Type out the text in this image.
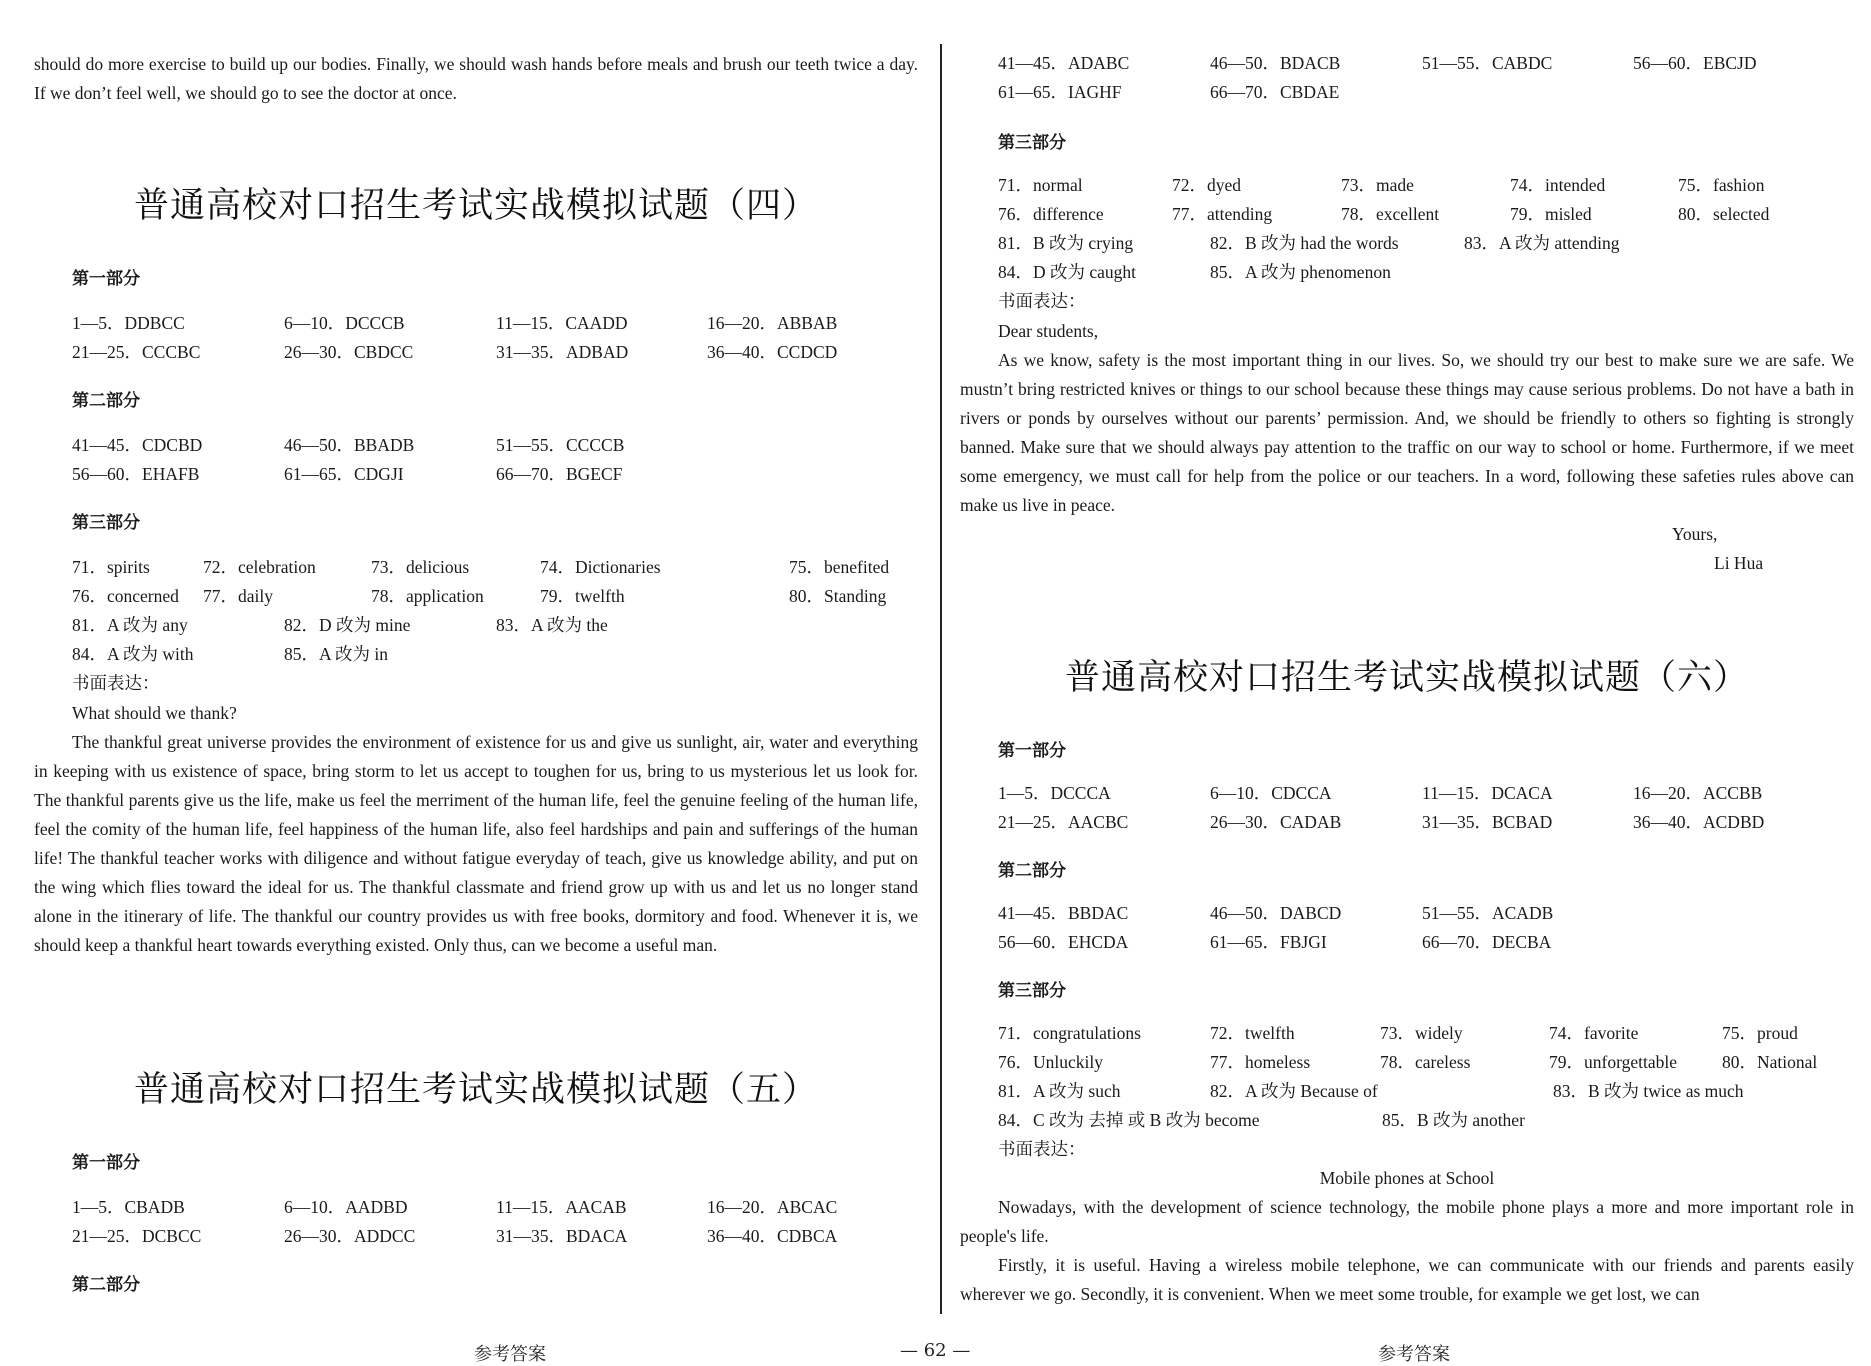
should do more exercise to build up our bodies. Finally, we should wash hands before meals and brush our teeth twice a day. If we don’t feel well, we should go to see the doctor at once.
普通高校对口招生考试实战模拟试题（四）
第一部分
1—5．DDBCC	6—10．DCCCB	11—15．CAADD	16—20．ABBAB
21—25．CCCBC	26—30．CBDCC	31—35．ADBAD	36—40．CCDCD
第二部分
41—45．CDCBD	46—50．BBADB	51—55．CCCCB
56—60．EHAFB	61—65．CDGJI	66—70．BGECF
第三部分
71．spirits	72．celebration	73．delicious	74．Dictionaries	75．benefited
76．concerned 77．daily	78．application	79．twelfth	80．Standing
81．A 改为 any	82．D 改为 mine	83．A 改为 the
84．A 改为 with	85．A 改为 in
书面表达：
What should we thank?
The thankful great universe provides the environment of existence for us and give us sunlight, air, water and everything in keeping with us existence of space, bring storm to let us accept to toughen for us, bring to us mysterious let us look for. The thankful parents give us the life, make us feel the merriment of the human life, feel the genuine feeling of the human life, feel the comity of the human life, feel happiness of the human life, also feel hardships and pain and sufferings of the human life! The thankful teacher works with diligence and without fatigue everyday of teach, give us knowledge ability, and put on the wing which flies toward the ideal for us. The thankful classmate and friend grow up with us and let us no longer stand alone in the itinerary of life. The thankful our country provides us with free books, dormitory and food. Whenever it is, we should keep a thankful heart towards everything existed. Only thus, can we become a useful man.
普通高校对口招生考试实战模拟试题（五）
第一部分
1—5．CBADB	6—10．AADBD	11—15．AACAB	16—20．ABCAC
21—25．DCBCC	26—30．ADDCC	31—35．BDACA	36—40．CDBCA
第二部分
41—45．ADABC	46—50．BDACB	51—55．CABDC	56—60．EBCJD
61—65．IAGHF	66—70．CBDAE
第三部分
71．normal	72．dyed	73．made	74．intended	75．fashion
76．difference	77．attending	78．excellent	79．misled	80．selected
81．B 改为 crying	82．B 改为 had the words	83．A 改为 attending
84．D 改为 caught	85．A 改为 phenomenon
书面表达：
Dear students,
As we know, safety is the most important thing in our lives. So, we should try our best to make sure we are safe. We mustn’t bring restricted knives or things to our school because these things may cause serious problems. Do not have a bath in rivers or ponds by ourselves without our parents’ permission. And, we should be friendly to others so fighting is strongly banned. Make sure that we should always pay attention to the traffic on our way to school or home. Furthermore, if we meet some emergency, we must call for help from the police or our teachers. In a word, following these safeties rules above can make us live in peace.
Yours,
Li Hua
普通高校对口招生考试实战模拟试题（六）
第一部分
1—5．DCCCA	6—10．CDCCA	11—15．DCACA	16—20．ACCBB
21—25．AACBC	26—30．CADAB	31—35．BCBAD	36—40．ACDBD
第二部分
41—45．BBDAC	46—50．DABCD	51—55．ACADB
56—60．EHCDA	61—65．FBJGI	66—70．DECBA
第三部分
71．congratulations	72．twelfth	73．widely	74．favorite	75．proud
76．Unluckily	77．homeless	78．careless	79．unforgettable	80．National
81．A 改为 such	82．A 改为 Because of	83．B 改为 twice as much
84．C 改为 去掉 或 B 改为 become	85．B 改为 another
书面表达：
Mobile phones at School
Nowadays, with the development of science technology, the mobile phone plays a more and more important role in people's life.
Firstly, it is useful. Having a wireless mobile telephone, we can communicate with our friends and parents easily wherever we go. Secondly, it is convenient. When we meet some trouble, for example we get lost, we can
参考答案	— 62 —	参考答案
